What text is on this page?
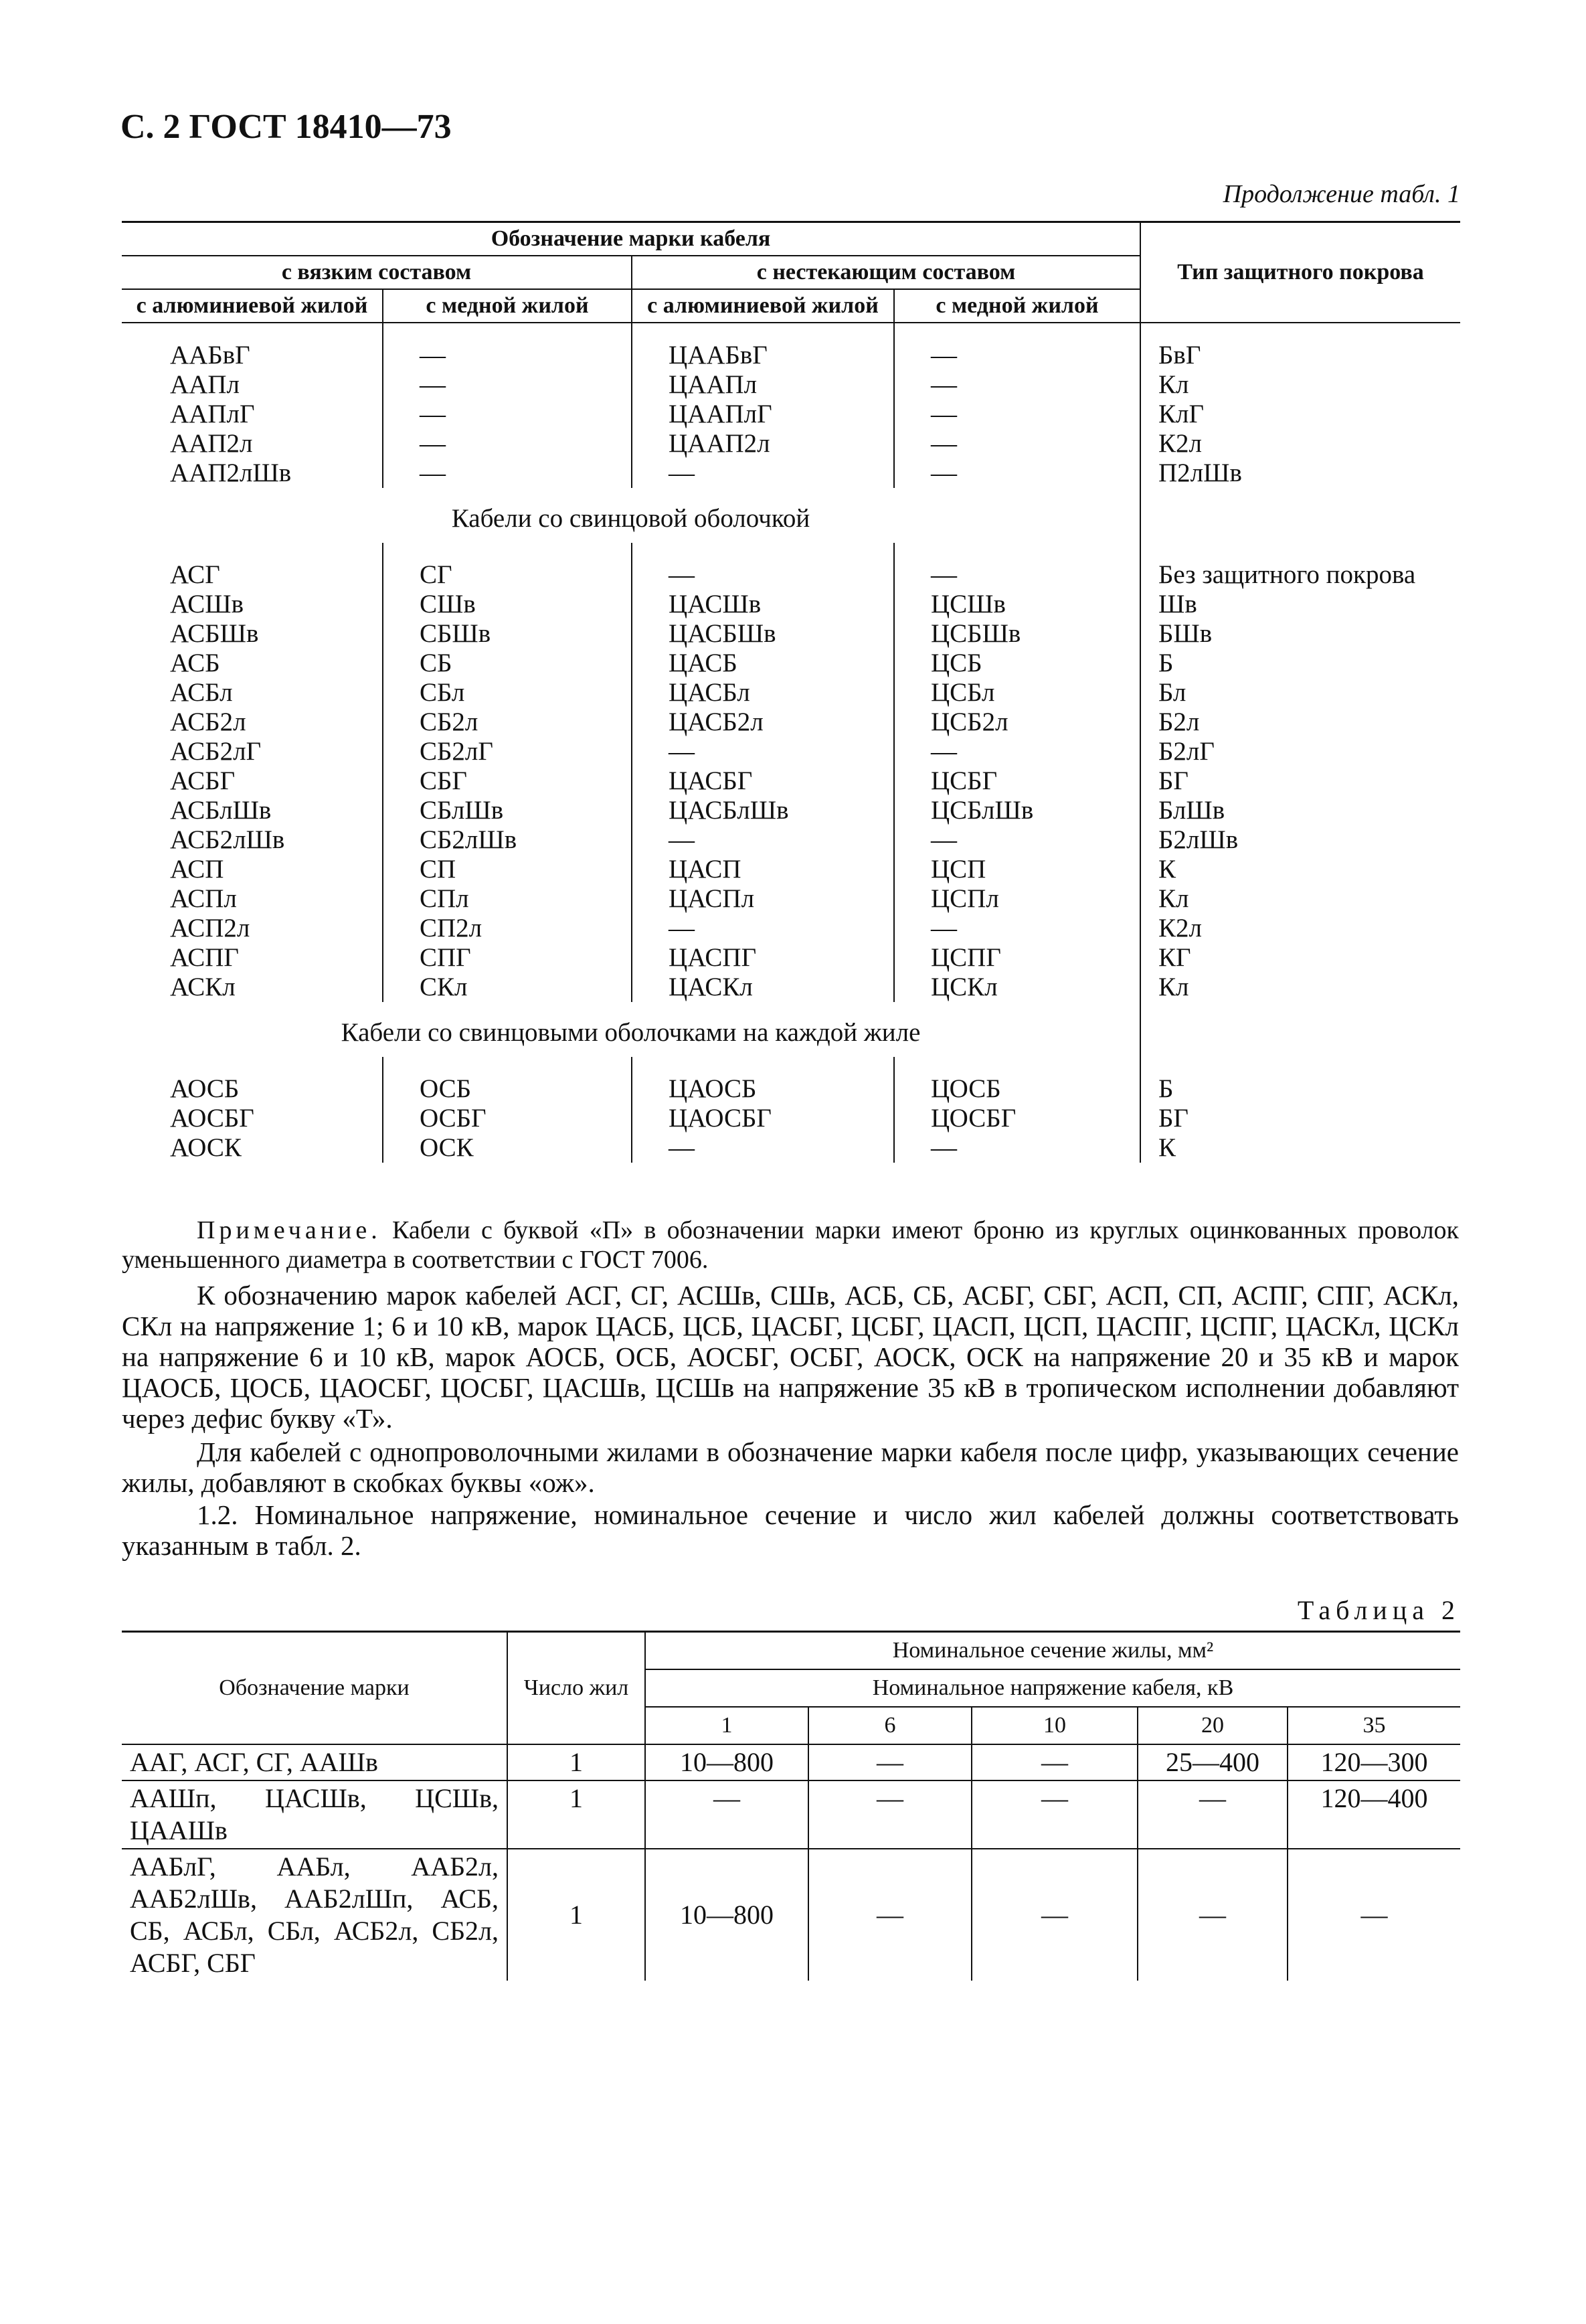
С. 2 ГОСТ 18410—73
Продолжение табл. 1
Обозначение марки кабеля				Тип защитного покрова
с вязким составом		с нестекающим составом		
с алюминиевой жилой	с медной жилой	с алюминиевой жилой	с медной жилой	
ААБвГ	—	ЦААБвГ	—	БвГ
ААПл	—	ЦААПл	—	Кл
ААПлГ	—	ЦААПлГ	—	КлГ
ААП2л	—	ЦААП2л	—	К2л
ААП2лШв	—	—	—	П2лШв
Кабели со свинцовой оболочкой				
АСГ	СГ	—	—	Без защитного покрова
АСШв	СШв	ЦАСШв	ЦСШв	Шв
АСБШв	СБШв	ЦАСБШв	ЦСБШв	БШв
АСБ	СБ	ЦАСБ	ЦСБ	Б
АСБл	СБл	ЦАСБл	ЦСБл	Бл
АСБ2л	СБ2л	ЦАСБ2л	ЦСБ2л	Б2л
АСБ2лГ	СБ2лГ	—	—	Б2лГ
АСБГ	СБГ	ЦАСБГ	ЦСБГ	БГ
АСБлШв	СБлШв	ЦАСБлШв	ЦСБлШв	БлШв
АСБ2лШв	СБ2лШв	—	—	Б2лШв
АСП	СП	ЦАСП	ЦСП	К
АСПл	СПл	ЦАСПл	ЦСПл	Кл
АСП2л	СП2л	—	—	К2л
АСПГ	СПГ	ЦАСПГ	ЦСПГ	КГ
АСКл	СКл	ЦАСКл	ЦСКл	Кл
Кабели со свинцовыми оболочками на каждой жиле				
АОСБ	ОСБ	ЦАОСБ	ЦОСБ	Б
АОСБГ	ОСБГ	ЦАОСБГ	ЦОСБГ	БГ
АОСК	ОСК	—	—	К

Примечание. Кабели с буквой «П» в обозначении марки имеют броню из круглых оцинкованных проволок уменьшенного диаметра в соответствии с ГОСТ 7006.

К обозначению марок кабелей АСГ, СГ, АСШв, СШв, АСБ, СБ, АСБГ, СБГ, АСП, СП, АСПГ, СПГ, АСКл, СКл на напряжение 1; 6 и 10 кВ, марок ЦАСБ, ЦСБ, ЦАСБГ, ЦСБГ, ЦАСП, ЦСП, ЦАСПГ, ЦСПГ, ЦАСКл, ЦСКл на напряжение 6 и 10 кВ, марок АОСБ, ОСБ, АОСБГ, ОСБГ, АОСК, ОСК на напряжение 20 и 35 кВ и марок ЦАОСБ, ЦОСБ, ЦАОСБГ, ЦОСБГ, ЦАСШв, ЦСШв на напряжение 35 кВ в тропическом исполнении добавляют через дефис букву «Т».

Для кабелей с однопроволочными жилами в обозначение марки кабеля после цифр, указывающих сечение жилы, добавляют в скобках буквы «ож».

1.2. Номинальное напряжение, номинальное сечение и число жил кабелей должны соответствовать указанным в табл. 2.

Таблица 2
Обозначение марки	Число жил	Номинальное сечение жилы, мм²				
		Номинальное напряжение кабеля, кВ				
		1	6	10	20	35
ААГ, АСГ, СГ, ААШв	1	10—800	—	—	25—400	120—300
ААШп, ЦАСШв, ЦСШв, ЦААШв	1	—	—	—	—	120—400
ААБлГ, ААБл, ААБ2л, ААБ2лШв, ААБ2лШп, АСБ, СБ, АСБл, СБл, АСБ2л, СБ2л, АСБГ, СБГ	1	10—800	—	—	—	—
